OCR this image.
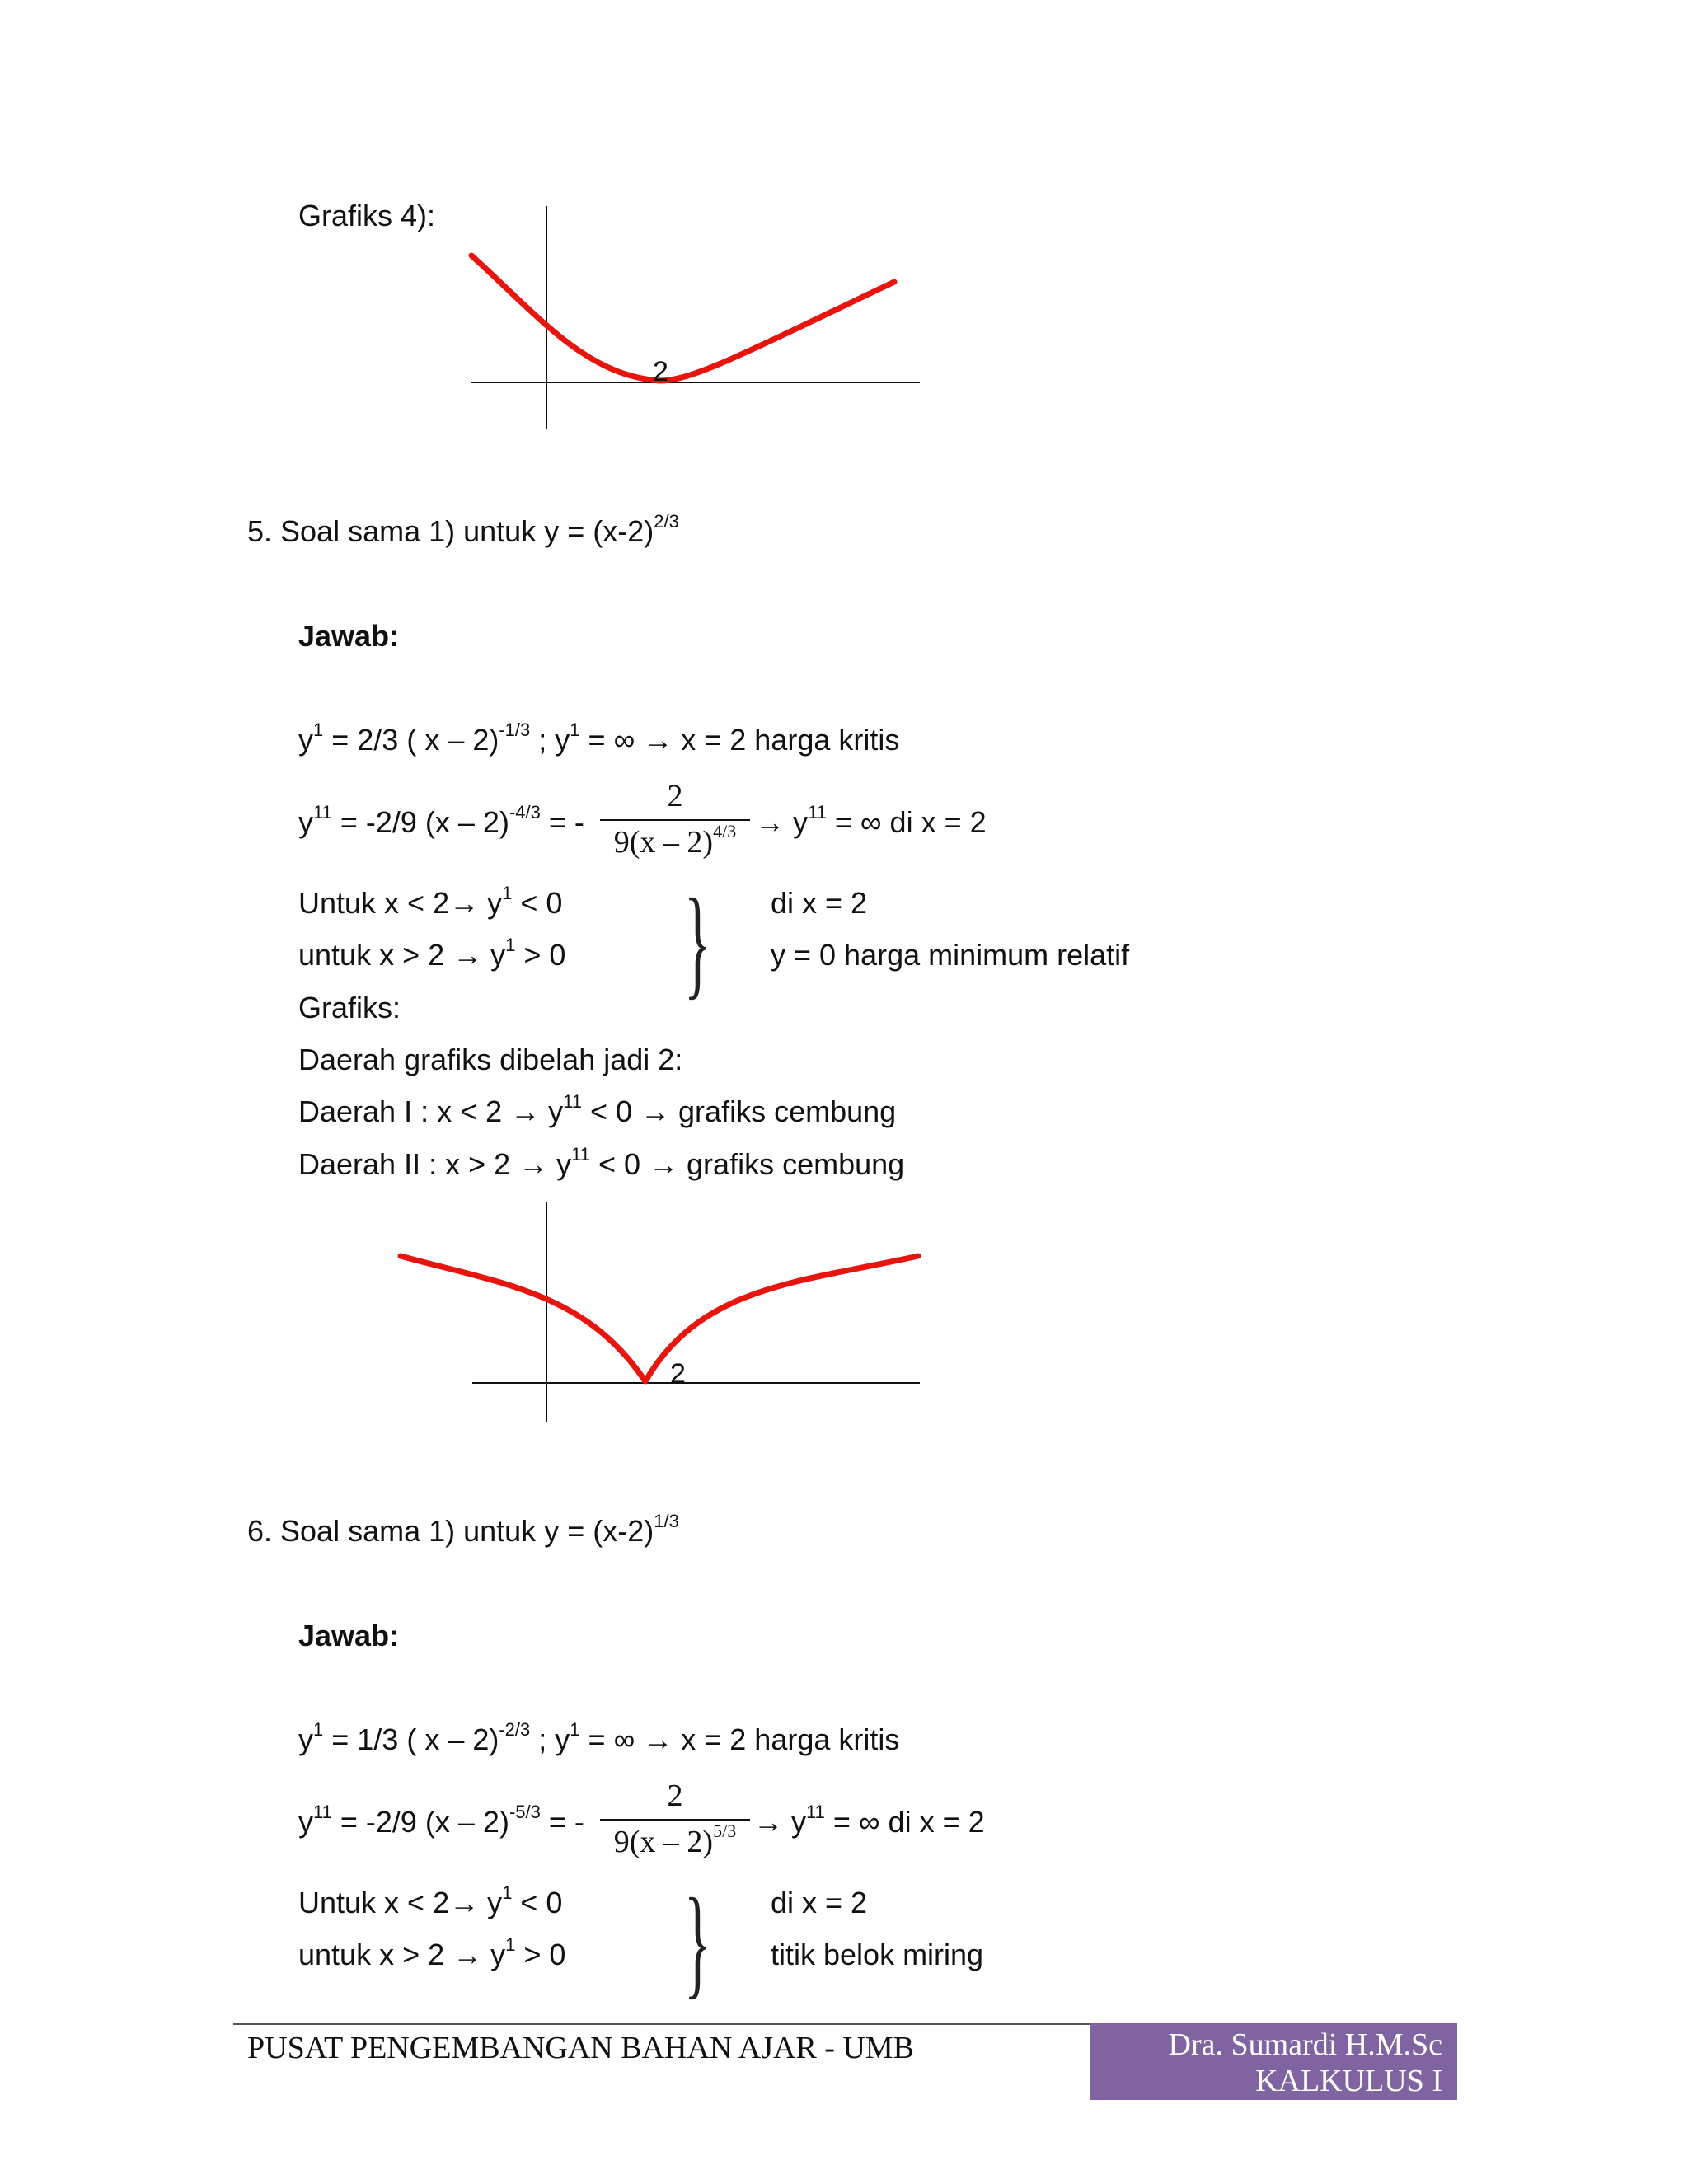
Grafiks 4):
2
5. Soal sama 1) untuk $y = (x-2)^{2/3}$
Jawab:
$y^1 = 2/3$ ( x – 2)$^{-1/3}$ ; $y^1$ = ∞ → x = 2 harga kritis
$y^{11} = -2/9$ (x – 2)$^{-4/3}$ = -
2
$9(x - 2)^{4/3} \to y^{11}$ = ∞ di x = 2
Untuk $x < 2\to y^1 < 0$
untuk $x > 2 \to y^1 > 0$ } di x = 2
y = 0 harga minimum relatif
Grafiks:
Daerah grafiks dibelah jadi 2:
Daerah I : $x < 2 \to y^{11} < 0$ → grafiks cembung
Daerah II : $x > 2 \to y^{11} < 0$ → grafiks cembung
2
6. Soal sama 1) untuk $y = (x-2)^{1/3}$
Jawab:
$y^1 = 1/3$ ( x – 2)$^{-2/3}$ ; $y^1$ = ∞ → x = 2 harga kritis
$y^{11} = -2/9$ (x – 2)$^{-5/3}$ = -
2
$9(x - 2)^{5/3} \to y^{11}$ = ∞ di x = 2
Untuk $x < 2\to y^1 < 0$
untuk $x > 2 \to y^1 > 0$ } di x = 2
titik belok miring
PUSAT PENGEMBANGAN BAHAN AJAR - UMB	Dra. Sumardi H.M.Sc
KALKULUS I
